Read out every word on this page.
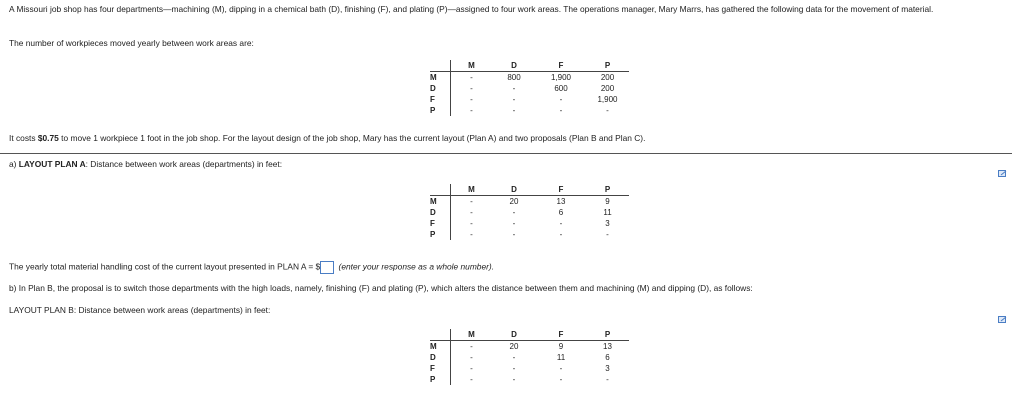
A Missouri job shop has four departments—machining (M), dipping in a chemical bath (D), finishing (F), and plating (P)—assigned to four work areas. The operations manager, Mary Marrs, has gathered the following data for the movement of material.

The number of workpieces moved yearly between work areas are:

	M	D	F	P
M	-	800	1,900	200
D	-	-	600	200
F	-	-	-	1,900
P	-	-	-	-

It costs $0.75 to move 1 workpiece 1 foot in the job shop. For the layout design of the job shop, Mary has the current layout (Plan A) and two proposals (Plan B and Plan C).

a) LAYOUT PLAN A: Distance between work areas (departments) in feet:

	M	D	F	P
M	-	20	13	9
D	-	-	6	11
F	-	-	-	3
P	-	-	-	-

The yearly total material handling cost of the current layout presented in PLAN A = $ (enter your response as a whole number).

b) In Plan B, the proposal is to switch those departments with the high loads, namely, finishing (F) and plating (P), which alters the distance between them and machining (M) and dipping (D), as follows:

LAYOUT PLAN B: Distance between work areas (departments) in feet:

	M	D	F	P
M	-	20	9	13
D	-	-	11	6
F	-	-	-	3
P	-	-	-	-
